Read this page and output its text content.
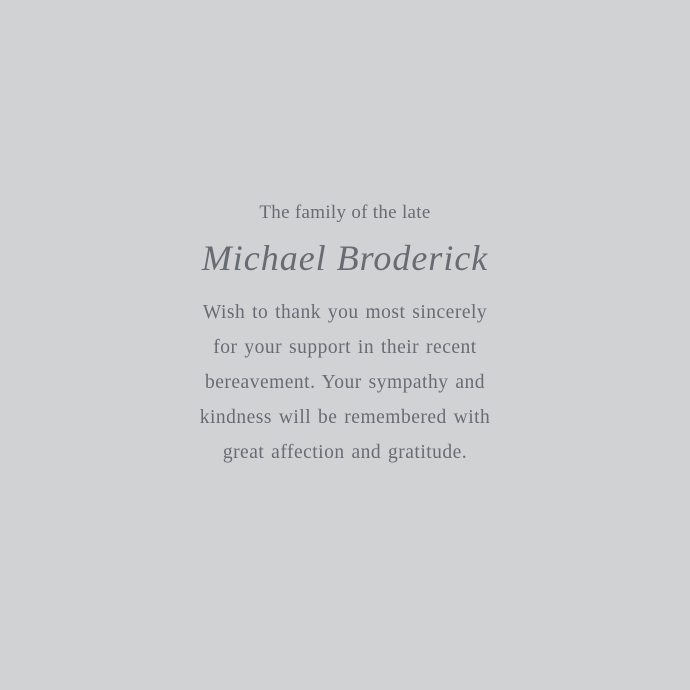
The family of the late
Michael Broderick
Wish to thank you most sincerely
for your support in their recent
bereavement. Your sympathy and
kindness will be remembered with
great affection and gratitude.
